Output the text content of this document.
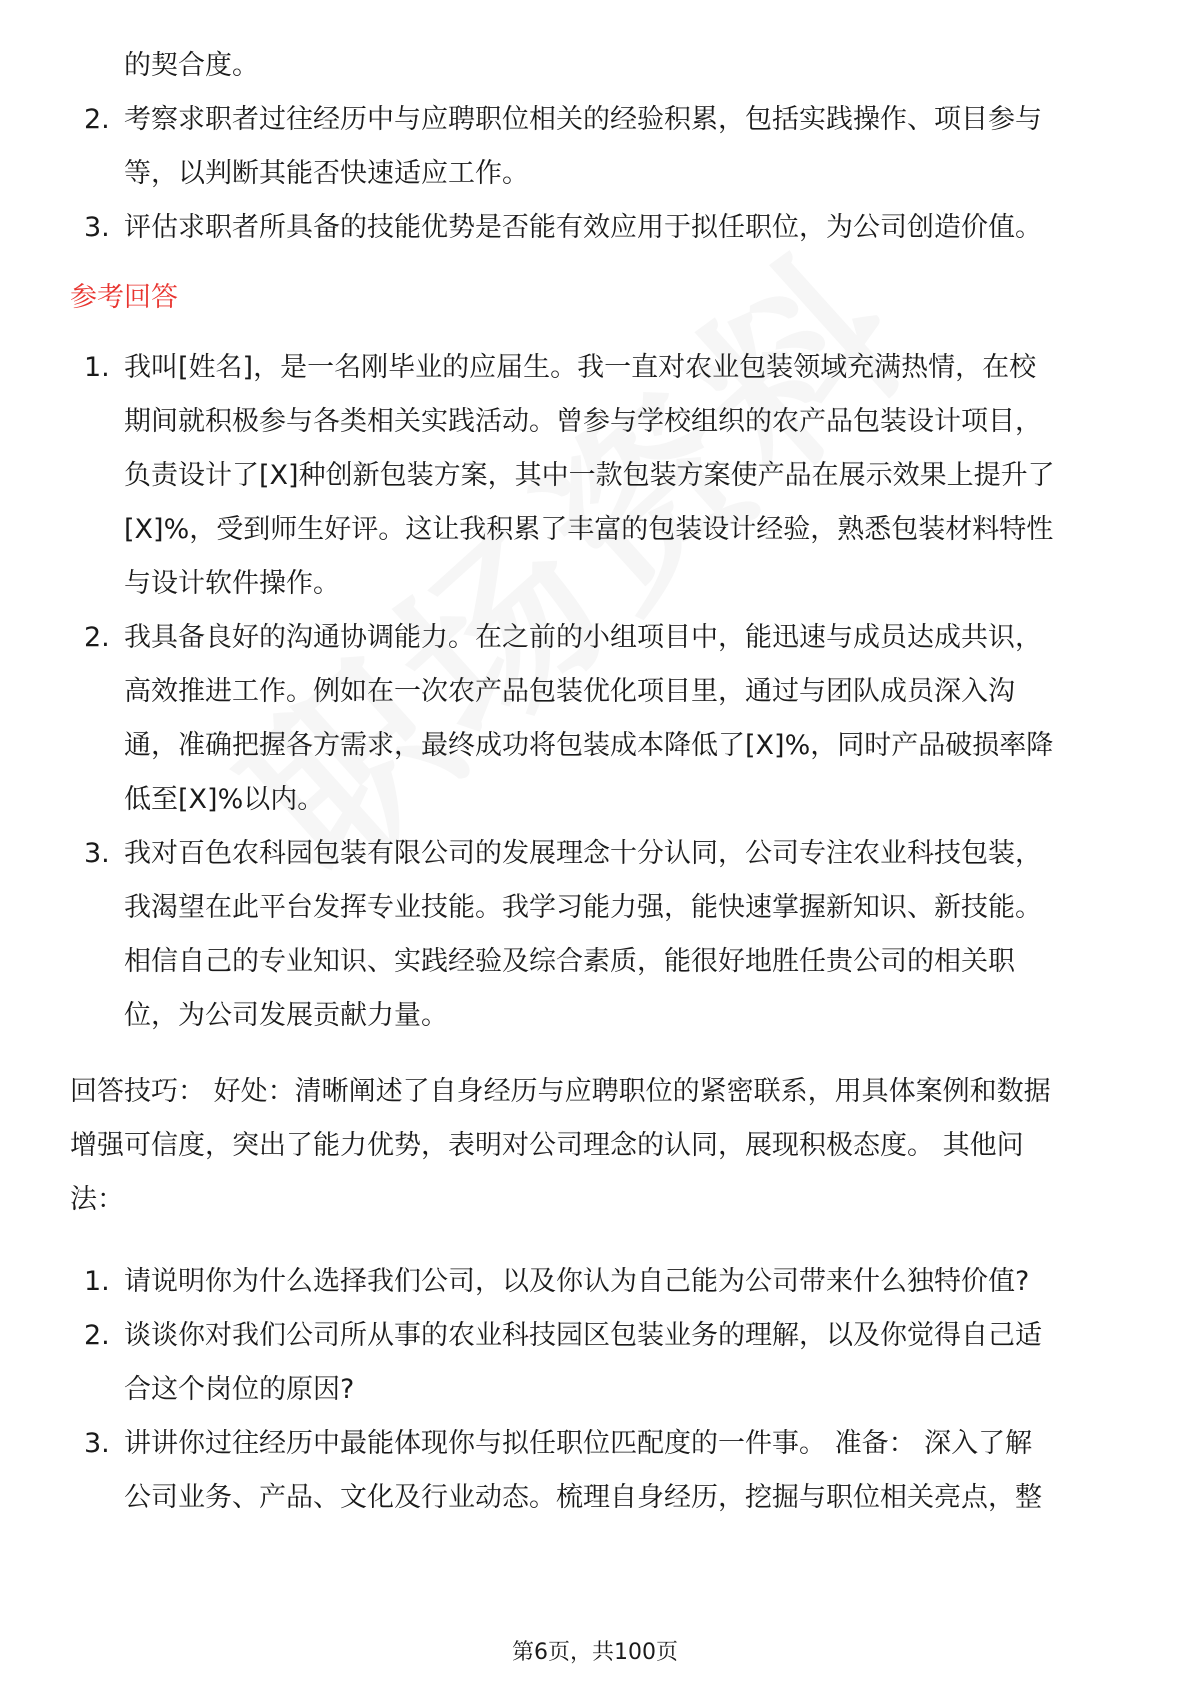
的契合度。
2. 考察求职者过往经历中与应聘职位相关的经验积累，包括实践操作、项目参与
等，以判断其能否快速适应工作。
3. 评估求职者所具备的技能优势是否能有效应用于拟任职位，为公司创造价值。
参考回答
1. 我叫[姓名]，是一名刚毕业的应届生。我一直对农业包装领域充满热情，在校
期间就积极参与各类相关实践活动。曾参与学校组织的农产品包装设计项目，
负责设计了[X]种创新包装方案，其中一款包装方案使产品在展示效果上提升了
[X]%，受到师生好评。这让我积累了丰富的包装设计经验，熟悉包装材料特性
与设计软件操作。
2. 我具备良好的沟通协调能力。在之前的小组项目中，能迅速与成员达成共识，
高效推进工作。例如在一次农产品包装优化项目里，通过与团队成员深入沟
通，准确把握各方需求，最终成功将包装成本降低了[X]%，同时产品破损率降
低至[X]%以内。
3. 我对百色农科园包装有限公司的发展理念十分认同，公司专注农业科技包装，
我渴望在此平台发挥专业技能。我学习能力强，能快速掌握新知识、新技能。
相信自己的专业知识、实践经验及综合素质，能很好地胜任贵公司的相关职
位，为公司发展贡献力量。
回答技巧： 好处：清晰阐述了自身经历与应聘职位的紧密联系，用具体案例和数据
增强可信度，突出了能力优势，表明对公司理念的认同，展现积极态度。 其他问
法：
1. 请说明你为什么选择我们公司，以及你认为自己能为公司带来什么独特价值?
2. 谈谈你对我们公司所从事的农业科技园区包装业务的理解，以及你觉得自己适
合这个岗位的原因?
3. 讲讲你过往经历中最能体现你与拟任职位匹配度的一件事。 准备： 深入了解
公司业务、产品、文化及行业动态。梳理自身经历，挖掘与职位相关亮点，整
第6页，共100页
